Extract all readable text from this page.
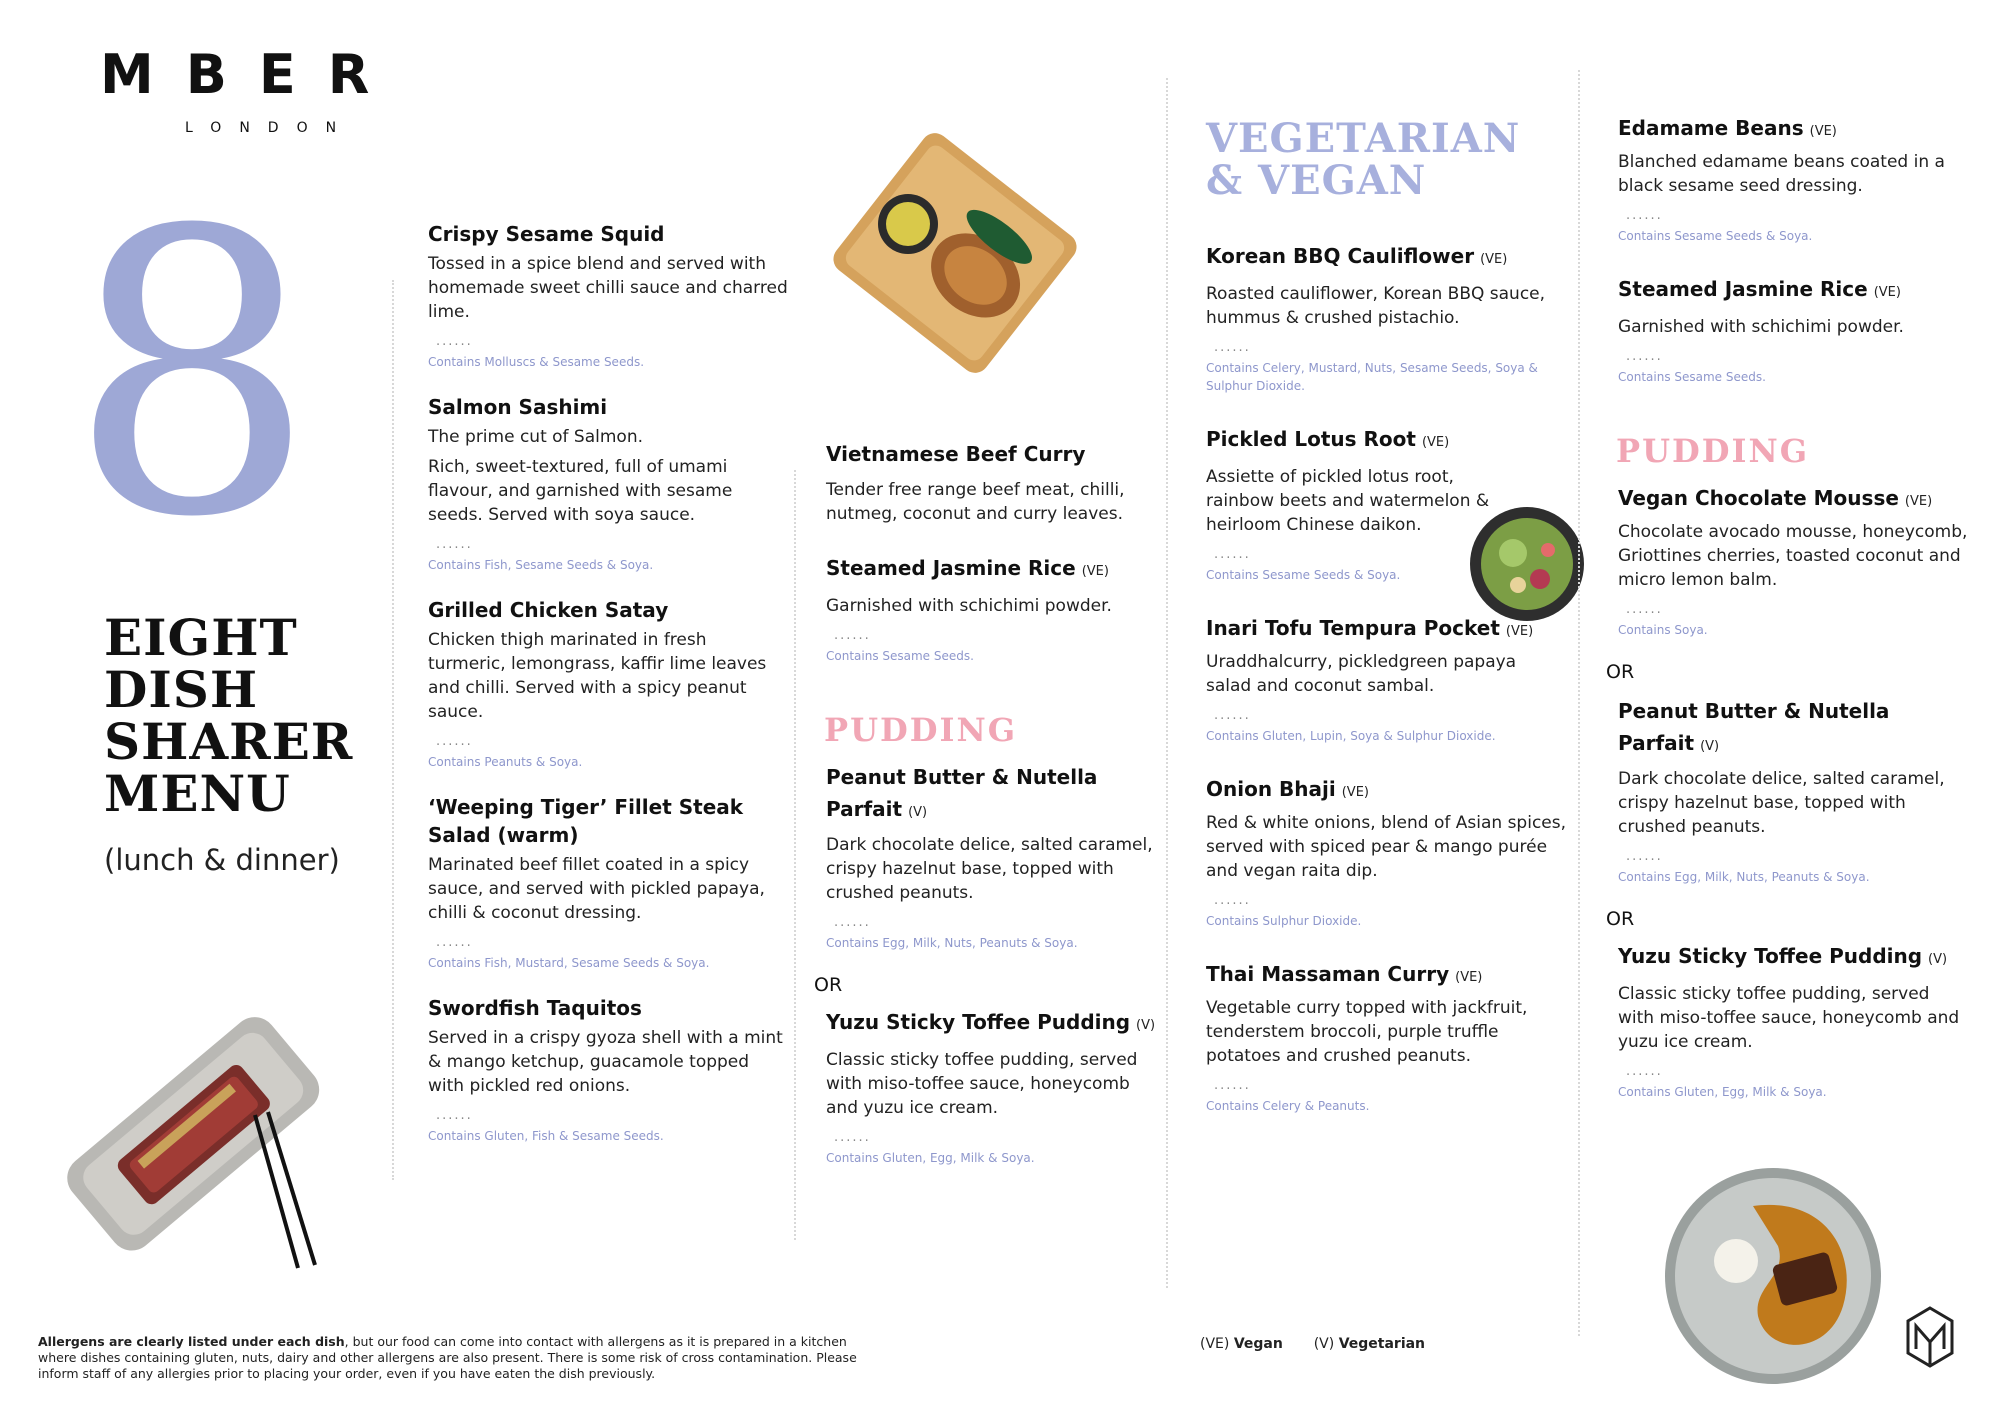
MBER
LONDON
8
EIGHT DISH SHARER MENU
(lunch & dinner)
Crispy Sesame Squid
Tossed in a spice blend and served with homemade sweet chilli sauce and charred lime.
......
Contains Molluscs & Sesame Seeds.
Salmon Sashimi
The prime cut of Salmon.
Rich, sweet-textured, full of umami flavour, and garnished with sesame seeds. Served with soya sauce.
......
Contains Fish, Sesame Seeds & Soya.
Grilled Chicken Satay
Chicken thigh marinated in fresh turmeric, lemongrass, kaffir lime leaves and chilli. Served with a spicy peanut sauce.
......
Contains Peanuts & Soya.
‘Weeping Tiger’ Fillet Steak Salad (warm)
Marinated beef fillet coated in a spicy sauce, and served with pickled papaya, chilli & coconut dressing.
......
Contains Fish, Mustard, Sesame Seeds & Soya.
Swordfish Taquitos
Served in a crispy gyoza shell with a mint & mango ketchup, guacamole topped with pickled red onions.
......
Contains Gluten, Fish & Sesame Seeds.
Vietnamese Beef Curry
Tender free range beef meat, chilli, nutmeg, coconut and curry leaves.
Steamed Jasmine Rice (VE)
Garnished with schichimi powder.
......
Contains Sesame Seeds.
PUDDING
Peanut Butter & Nutella Parfait (V)
Dark chocolate delice, salted caramel, crispy hazelnut base, topped with crushed peanuts.
......
Contains Egg, Milk, Nuts, Peanuts & Soya.
OR
Yuzu Sticky Toffee Pudding (V)
Classic sticky toffee pudding, served with miso-toffee sauce, honeycomb and yuzu ice cream.
......
Contains Gluten, Egg, Milk & Soya.
VEGETARIAN & VEGAN
Korean BBQ Cauliflower (VE)
Roasted cauliflower, Korean BBQ sauce, hummus & crushed pistachio.
......
Contains Celery, Mustard, Nuts, Sesame Seeds, Soya & Sulphur Dioxide.
Pickled Lotus Root (VE)
Assiette of pickled lotus root, rainbow beets and watermelon & heirloom Chinese daikon.
......
Contains Sesame Seeds & Soya.
Inari Tofu Tempura Pocket (VE)
Uraddhalcurry, pickledgreen papaya salad and coconut sambal.
......
Contains Gluten, Lupin, Soya & Sulphur Dioxide.
Onion Bhaji (VE)
Red & white onions, blend of Asian spices, served with spiced pear & mango purée and vegan raita dip.
......
Contains Sulphur Dioxide.
Thai Massaman Curry (VE)
Vegetable curry topped with jackfruit, tenderstem broccoli, purple truffle potatoes and crushed peanuts.
......
Contains Celery & Peanuts.
Edamame Beans (VE)
Blanched edamame beans coated in a black sesame seed dressing.
......
Contains Sesame Seeds & Soya.
Steamed Jasmine Rice (VE)
Garnished with schichimi powder.
......
Contains Sesame Seeds.
PUDDING
Vegan Chocolate Mousse (VE)
Chocolate avocado mousse, honeycomb, Griottines cherries, toasted coconut and micro lemon balm.
......
Contains Soya.
OR
Peanut Butter & Nutella Parfait (V)
Dark chocolate delice, salted caramel, crispy hazelnut base, topped with crushed peanuts.
......
Contains Egg, Milk, Nuts, Peanuts & Soya.
OR
Yuzu Sticky Toffee Pudding (V)
Classic sticky toffee pudding, served with miso-toffee sauce, honeycomb and yuzu ice cream.
......
Contains Gluten, Egg, Milk & Soya.
Allergens are clearly listed under each dish, but our food can come into contact with allergens as it is prepared in a kitchen where dishes containing gluten, nuts, dairy and other allergens are also present. There is some risk of cross contamination. Please inform staff of any allergies prior to placing your order, even if you have eaten the dish previously.
(VE) Vegan (V) Vegetarian
